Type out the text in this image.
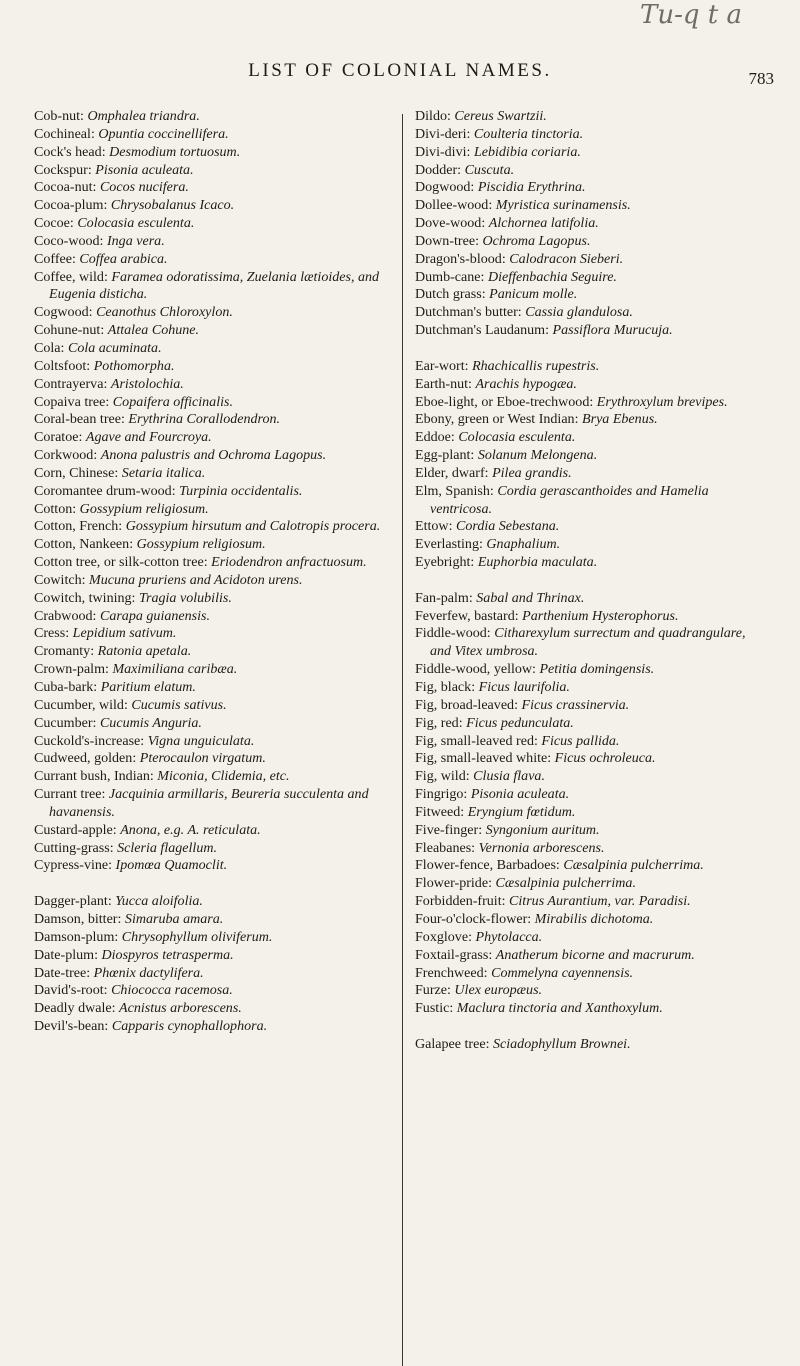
Tu-q t a
LIST OF COLONIAL NAMES.	783

Cob-nut: Omphalea triandra.

Cochineal: Opuntia coccinellifera.

Cock's head: Desmodium tortuosum.

Cockspur: Pisonia aculeata.

Cocoa-nut: Cocos nucifera.

Cocoa-plum: Chrysobalanus Icaco.

Cocoe: Colocasia esculenta.

Coco-wood: Inga vera.

Coffee: Coffea arabica.

Coffee, wild: Faramea odoratissima, Zuelania lætioides, and Eugenia disticha.

Cogwood: Ceanothus Chloroxylon.

Cohune-nut: Attalea Cohune.

Cola: Cola acuminata.

Coltsfoot: Pothomorpha.

Contrayerva: Aristolochia.

Copaiva tree: Copaifera officinalis.

Coral-bean tree: Erythrina Corallodendron.

Coratoe: Agave and Fourcroya.

Corkwood: Anona palustris and Ochroma Lagopus.

Corn, Chinese: Setaria italica.

Coromantee drum-wood: Turpinia occidentalis.

Cotton: Gossypium religiosum.

Cotton, French: Gossypium hirsutum and Calotropis procera.

Cotton, Nankeen: Gossypium religiosum.

Cotton tree, or silk-cotton tree: Eriodendron anfractuosum.

Cowitch: Mucuna pruriens and Acidoton urens.

Cowitch, twining: Tragia volubilis.

Crabwood: Carapa guianensis.

Cress: Lepidium sativum.

Cromanty: Ratonia apetala.

Crown-palm: Maximiliana caribæa.

Cuba-bark: Paritium elatum.

Cucumber, wild: Cucumis sativus.

Cucumber: Cucumis Anguria.

Cuckold's-increase: Vigna unguiculata.

Cudweed, golden: Pterocaulon virgatum.

Currant bush, Indian: Miconia, Clidemia, etc.

Currant tree: Jacquinia armillaris, Beureria succulenta and havanensis.

Custard-apple: Anona, e.g. A. reticulata.

Cutting-grass: Scleria flagellum.

Cypress-vine: Ipomœa Quamoclit.

Dagger-plant: Yucca aloifolia.

Damson, bitter: Simaruba amara.

Damson-plum: Chrysophyllum oliviferum.

Date-plum: Diospyros tetrasperma.

Date-tree: Phœnix dactylifera.

David's-root: Chiococca racemosa.

Deadly dwale: Acnistus arborescens.

Devil's-bean: Capparis cynophallophora.

Dildo: Cereus Swartzii.

Divi-deri: Coulteria tinctoria.

Divi-divi: Lebidibia coriaria.

Dodder: Cuscuta.

Dogwood: Piscidia Erythrina.

Dollee-wood: Myristica surinamensis.

Dove-wood: Alchornea latifolia.

Down-tree: Ochroma Lagopus.

Dragon's-blood: Calodracon Sieberi.

Dumb-cane: Dieffenbachia Seguire.

Dutch grass: Panicum molle.

Dutchman's butter: Cassia glandulosa.

Dutchman's Laudanum: Passiflora Murucuja.

Ear-wort: Rhachicallis rupestris.

Earth-nut: Arachis hypogæa.

Eboe-light, or Eboe-trechwood: Erythroxylum brevipes.

Ebony, green or West Indian: Brya Ebenus.

Eddoe: Colocasia esculenta.

Egg-plant: Solanum Melongena.

Elder, dwarf: Pilea grandis.

Elm, Spanish: Cordia gerascanthoides and Hamelia ventricosa.

Ettow: Cordia Sebestana.

Everlasting: Gnaphalium.

Eyebright: Euphorbia maculata.

Fan-palm: Sabal and Thrinax.

Feverfew, bastard: Parthenium Hysterophorus.

Fiddle-wood: Citharexylum surrectum and quadrangulare, and Vitex umbrosa.

Fiddle-wood, yellow: Petitia domingensis.

Fig, black: Ficus laurifolia.

Fig, broad-leaved: Ficus crassinervia.

Fig, red: Ficus pedunculata.

Fig, small-leaved red: Ficus pallida.

Fig, small-leaved white: Ficus ochroleuca.

Fig, wild: Clusia flava.

Fingrigo: Pisonia aculeata.

Fitweed: Eryngium fœtidum.

Five-finger: Syngonium auritum.

Fleabanes: Vernonia arborescens.

Flower-fence, Barbadoes: Cæsalpinia pulcherrima.

Flower-pride: Cæsalpinia pulcherrima.

Forbidden-fruit: Citrus Aurantium, var. Paradisi.

Four-o'clock-flower: Mirabilis dichotoma.

Foxglove: Phytolacca.

Foxtail-grass: Anatherum bicorne and macrurum.

Frenchweed: Commelyna cayennensis.

Furze: Ulex europæus.

Fustic: Maclura tinctoria and Xanthoxylum.

Galapee tree: Sciadophyllum Brownei.
